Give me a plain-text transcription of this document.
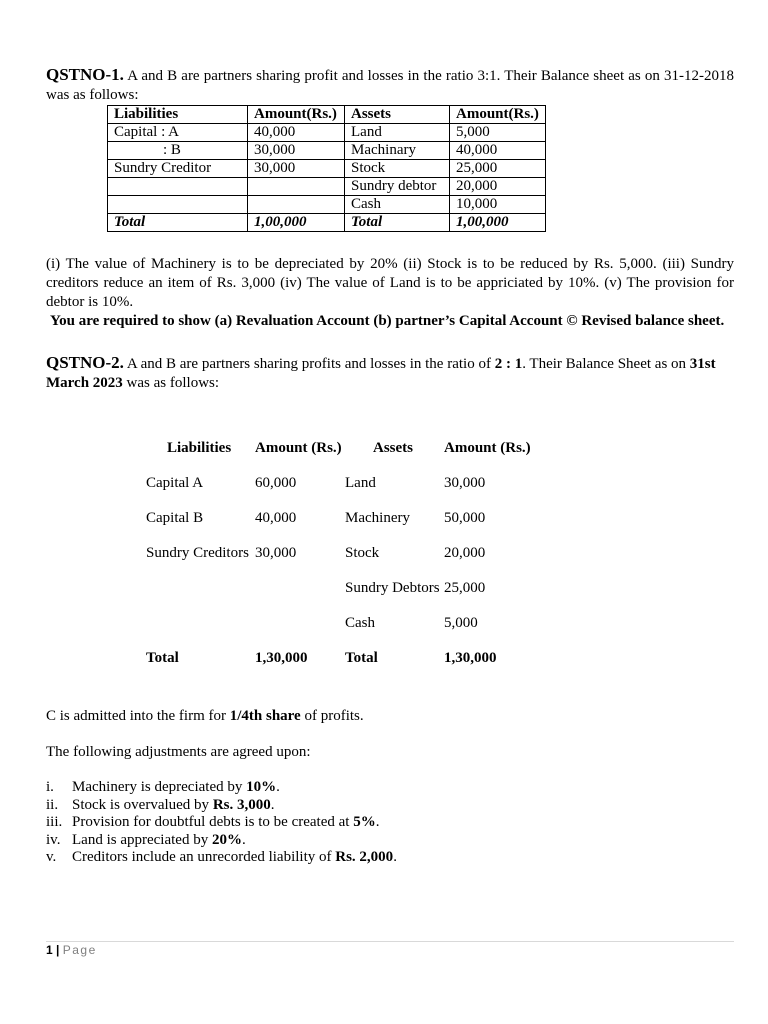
QSTNO-1. A and B are partners sharing profit and losses in the ratio 3:1. Their Balance sheet as on 31-12-2018 was as follows:

Liabilities	Amount(Rs.)	Assets	Amount(Rs.)
Capital : A	40,000	Land	5,000
: B	30,000	Machinary	40,000
Sundry Creditor	30,000	Stock	25,000
		Sundry debtor	20,000
		Cash	10,000
Total	1,00,000	Total	1,00,000

(i) The value of Machinery is to be depreciated by 20% (ii) Stock is to be reduced by Rs. 5,000. (iii) Sundry creditors reduce an item of Rs. 3,000 (iv) The value of Land is to be appriciated by 10%. (v) The provision for debtor is 10%.

You are required to show (a) Revaluation Account (b) partner’s Capital Account © Revised balance sheet.

QSTNO-2. A and B are partners sharing profits and losses in the ratio of 2 : 1. Their Balance Sheet as on 31st March 2023 was as follows:

Liabilities	Amount (Rs.)	Assets	Amount (Rs.)
Capital A	60,000	Land	30,000
Capital B	40,000	Machinery	50,000
Sundry Creditors	30,000	Stock	20,000
		Sundry Debtors	25,000
		Cash	5,000
Total	1,30,000	Total	1,30,000

C is admitted into the firm for 1/4th share of profits.

The following adjustments are agreed upon:

i.	Machinery is depreciated by 10%.
ii. Stock is overvalued by Rs. 3,000.
iii. Provision for doubtful debts is to be created at 5%.
iv. Land is appreciated by 20%.
v.	Creditors include an unrecorded liability of Rs. 2,000.
1 | Page
